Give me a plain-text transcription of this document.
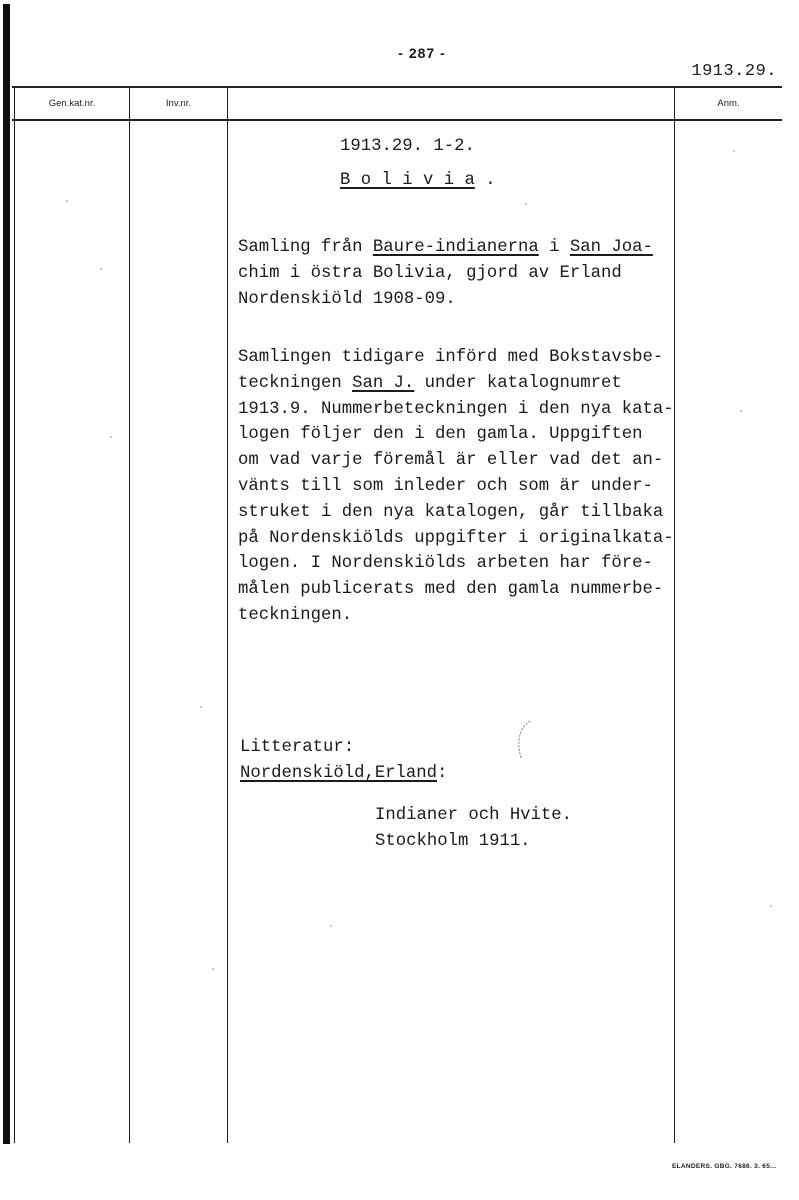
- 287 -
1913.29.
Gen.kat.nr.	Inv.nr.	Anm.
1913.29. 1-2.
B o l i v i a .
Samling från Baure-indianerna i San Joa-
chim i östra Bolivia, gjord av Erland
Nordenskiöld 1908-09.
Samlingen tidigare införd med Bokstavsbe-
teckningen San J. under katalognumret
1913.9. Nummerbeteckningen i den nya kata-
logen följer den i den gamla. Uppgiften
om vad varje föremål är eller vad det an-
vänts till som inleder och som är under-
struket i den nya katalogen, går tillbaka
på Nordenskiölds uppgifter i originalkata-
logen. I Nordenskiölds arbeten har före-
målen publicerats med den gamla nummerbe-
teckningen.
Litteratur:
Nordenskiöld,Erland:
Indianer och Hvite.
Stockholm 1911.
ELANDERS. GBG. 7686. 3. 65...
